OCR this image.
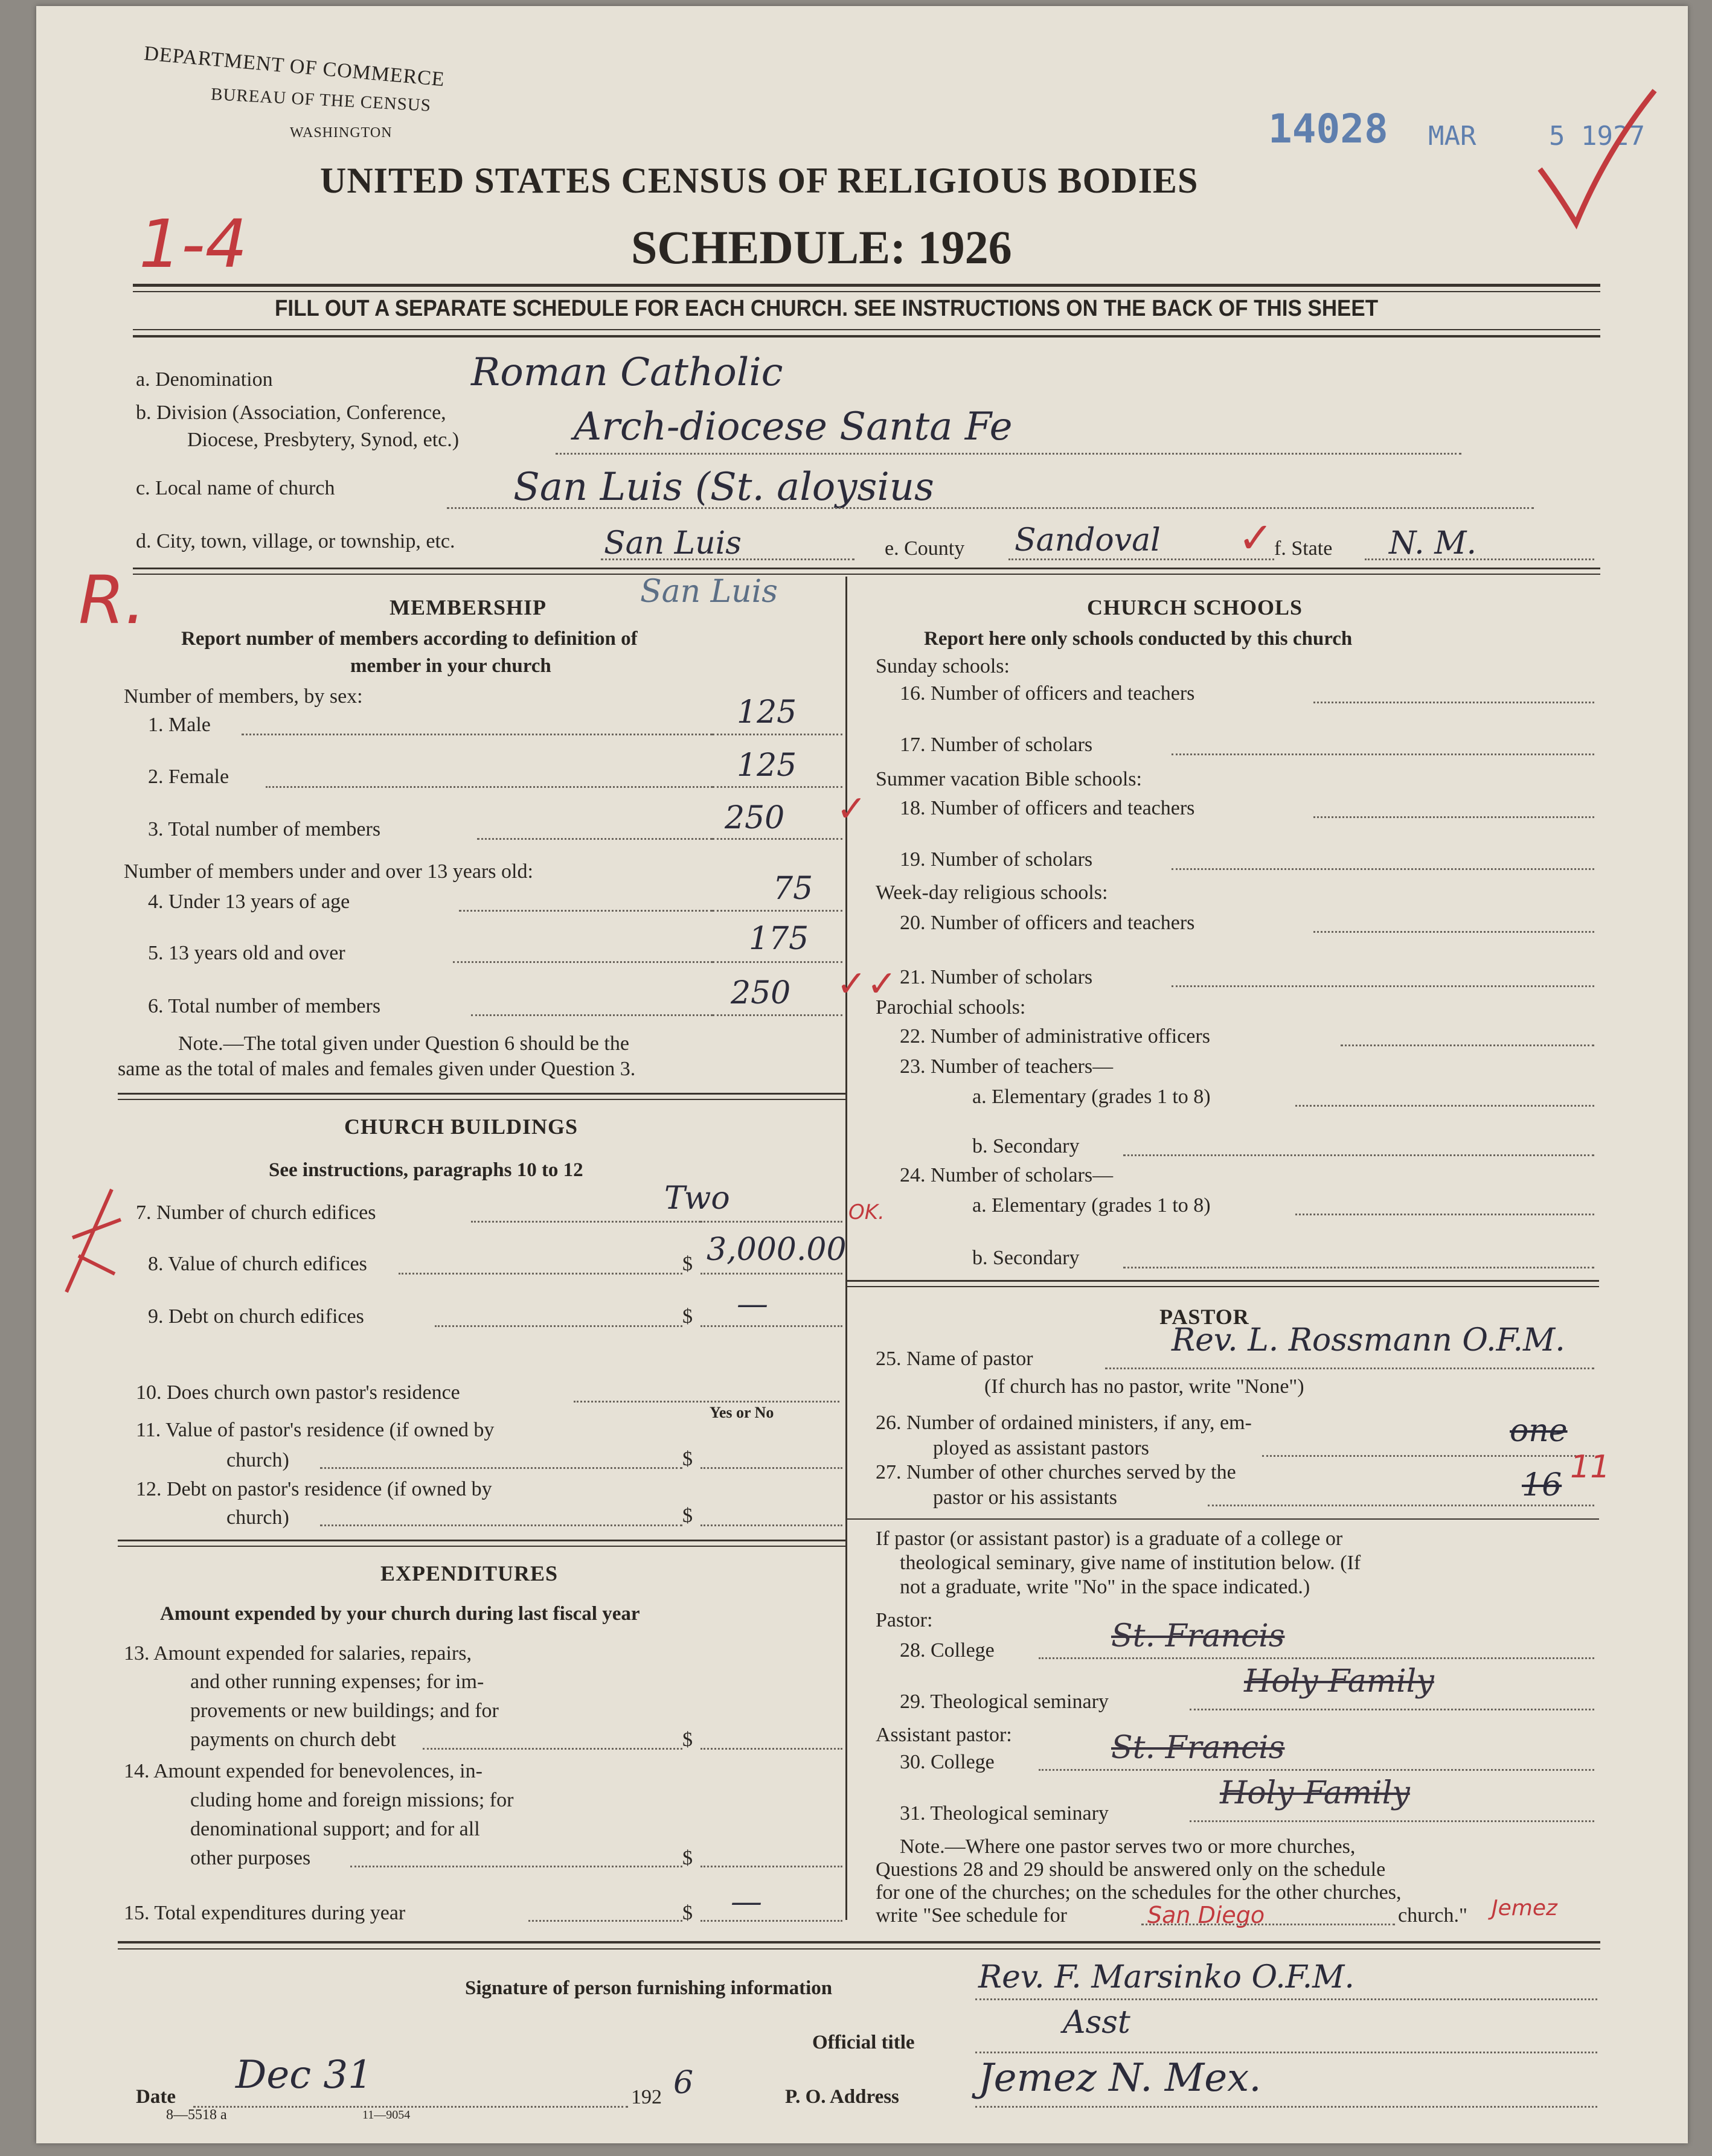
DEPARTMENT OF COMMERCE
BUREAU OF THE CENSUS
WASHINGTON	14028 MAR	5 1927
1-4
UNITED STATES CENSUS OF RELIGIOUS BODIES
SCHEDULE: 1926
FILL OUT A SEPARATE SCHEDULE FOR EACH CHURCH. SEE INSTRUCTIONS ON THE BACK OF THIS SHEET
a. Denomination	Roman Catholic
b. Division (Association, Conference,
Diocese, Presbytery, Synod, etc.)	Arch-diocese Santa Fe
c. Local name of church	San Luis (St. aloysius
d. City, town, village, or township, etc.	San Luis	e. County Sandoval ✓ f. State N. M.
R.	San Luis
MEMBERSHIP
Report number of members according to definition of
member in your church
Number of members, by sex:
1. Male	125
2. Female	125
3. Total number of members	250 ✓
Number of members under and over 13 years old:
4. Under 13 years of age	75
5. 13 years old and over	175
6. Total number of members	250 ✓✓
Note.—The total given under Question 6 should be the
same as the total of males and females given under Question 3.
CHURCH BUILDINGS
See instructions, paragraphs 10 to 12
7. Number of church edifices	Two	OK.
8. Value of church edifices	$ 3,000.00
9. Debt on church edifices	$ —
10. Does church own pastor's residence
Yes or No
11. Value of pastor's residence (if owned by
church)	$
12. Debt on pastor's residence (if owned by
church)	$
EXPENDITURES
Amount expended by your church during last fiscal year
13. Amount expended for salaries, repairs,
and other running expenses; for im-
provements or new buildings; and for
payments on church debt	$
14. Amount expended for benevolences, in-
cluding home and foreign missions; for
denominational support; and for all
other purposes	$
15. Total expenditures during year	$ —
CHURCH SCHOOLS
Report here only schools conducted by this church
Sunday schools:
16. Number of officers and teachers
17. Number of scholars
Summer vacation Bible schools:
18. Number of officers and teachers
19. Number of scholars
Week-day religious schools:
20. Number of officers and teachers
21. Number of scholars
Parochial schools:
22. Number of administrative officers
23. Number of teachers—
a. Elementary (grades 1 to 8)
b. Secondary
24. Number of scholars—
a. Elementary (grades 1 to 8)
b. Secondary
PASTOR
25. Name of pastor
Rev. L. Rossmann O.F.M.
(If church has no pastor, write "None")
26. Number of ordained ministers, if any, em-
ployed as assistant pastors	one
27. Number of other churches served by the
pastor or his assistants	16 11
If pastor (or assistant pastor) is a graduate of a college or
theological seminary, give name of institution below. (If
not a graduate, write "No" in the space indicated.)
Pastor:
28. College	St. Francis
29. Theological seminary
Holy Family
Assistant pastor:
30. College	St. Francis
31. Theological seminary
Holy Family
Note.—Where one pastor serves two or more churches,
Questions 28 and 29 should be answered only on the schedule
for one of the churches; on the schedules for the other churches,
write "See schedule for	San Diego	church." Jemez
Signature of person furnishing information	Rev. F. Marsinko O.F.M.
Official title
Asst
Date Dec 31	192 6	P. O. Address Jemez N. Mex.
8—5518 a	11—9054
